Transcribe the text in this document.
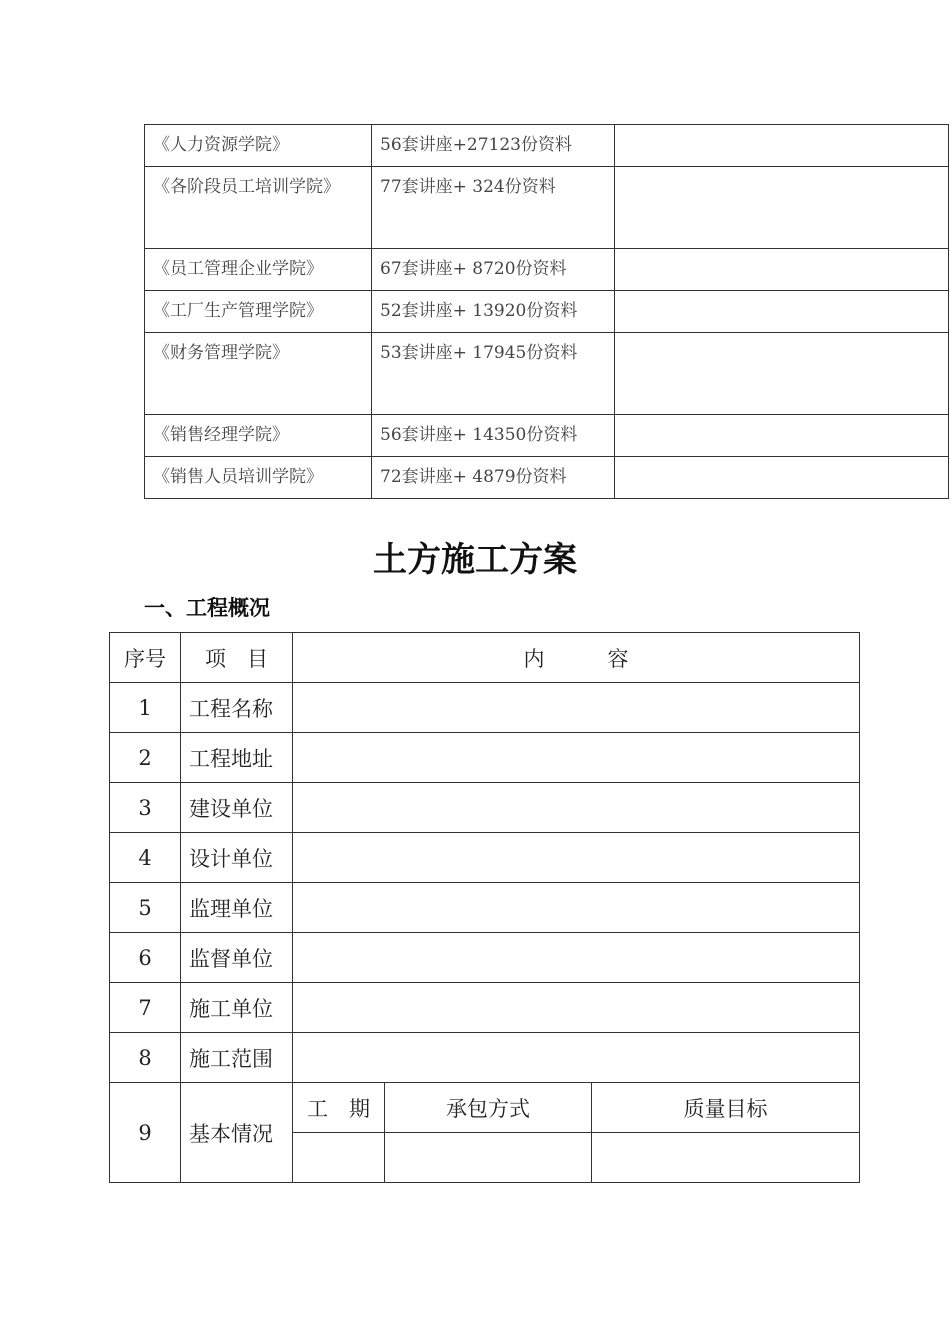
《人力资源学院》	56套讲座+27123份资料	
《各阶段员工培训学院》	77套讲座+ 324份资料	
《员工管理企业学院》	67套讲座+ 8720份资料	
《工厂生产管理学院》	52套讲座+ 13920份资料	
《财务管理学院》	53套讲座+ 17945份资料	
《销售经理学院》	56套讲座+ 14350份资料	
《销售人员培训学院》	72套讲座+ 4879份资料	
土方施工方案
一、工程概况
序号	项　目	内　　　容		
1	工程名称			
2	工程地址			
3	建设单位			
4	设计单位			
5	监理单位			
6	监督单位			
7	施工单位			
8	施工范围			
9	基本情况	工　期	承包方式	质量目标
